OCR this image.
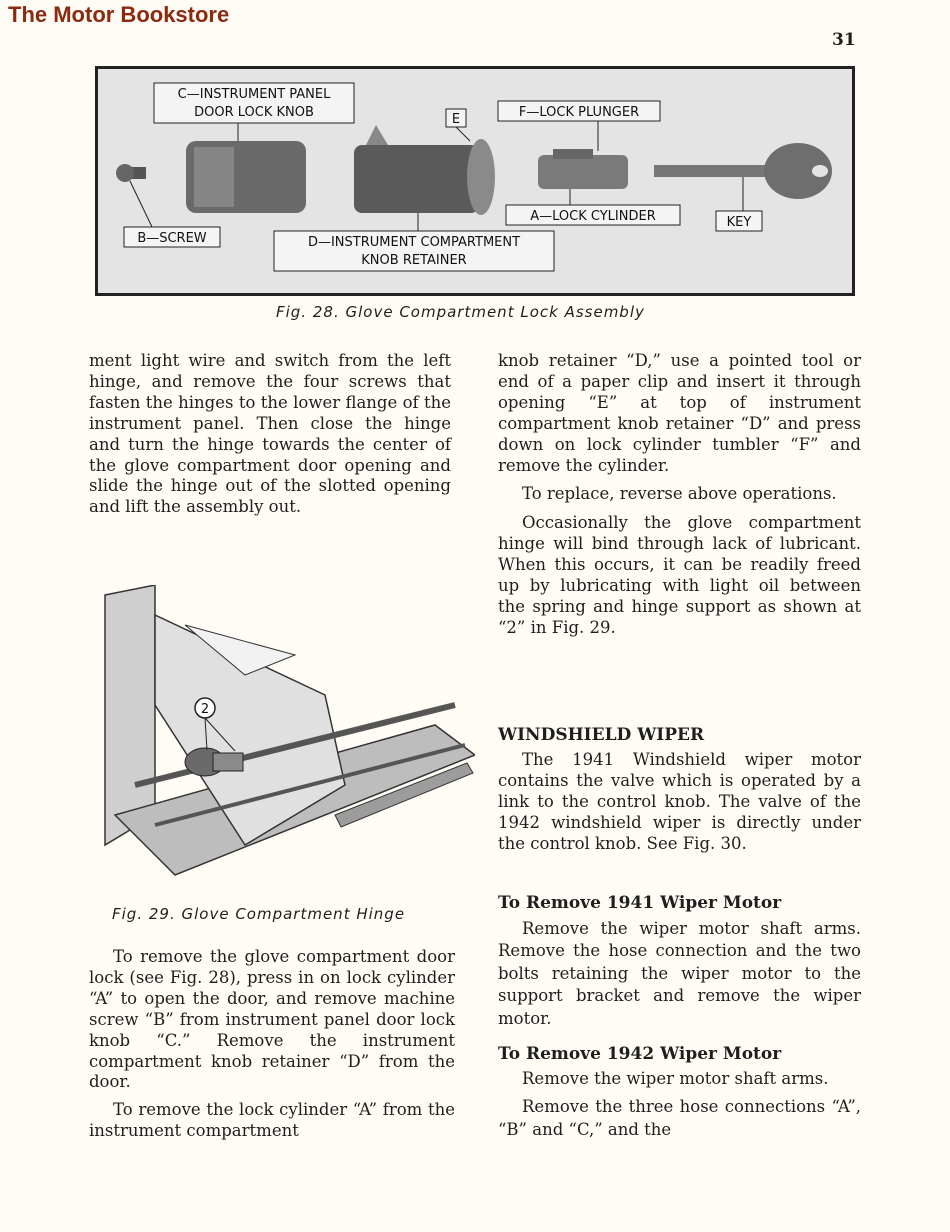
The Motor Bookstore
31
C—INSTRUMENT PANEL
DOOR LOCK KNOB	E	F—LOCK PLUNGER
B—SCREW	D—INSTRUMENT COMPARTMENT
KNOB RETAINER
A—LOCK CYLINDER	KEY
Fig. 28. Glove Compartment Lock Assembly

ment light wire and switch from the left hinge, and remove the four screws that fasten the hinges to the lower flange of the instrument panel. Then close the hinge and turn the hinge towards the center of the glove compartment door opening and slide the hinge out of the slotted opening and lift the assembly out.

2
Fig. 29. Glove Compartment Hinge

To remove the glove compartment door lock (see Fig. 28), press in on lock cylinder “A” to open the door, and remove machine screw “B” from instrument panel door lock knob “C.” Remove the instrument compartment knob retainer “D” from the door.

To remove the lock cylinder “A” from the instrument compartment

knob retainer “D,” use a pointed tool or end of a paper clip and insert it through opening “E” at top of instrument compartment knob retainer “D” and press down on lock cylinder tumbler “F” and remove the cylinder.

To replace, reverse above operations.

Occasionally the glove compartment hinge will bind through lack of lubricant. When this occurs, it can be readily freed up by lubricating with light oil between the spring and hinge support as shown at “2” in Fig. 29.

WINDSHIELD WIPER

The 1941 Windshield wiper motor contains the valve which is operated by a link to the control knob. The valve of the 1942 windshield wiper is directly under the control knob. See Fig. 30.

To Remove 1941 Wiper Motor

Remove the wiper motor shaft arms. Remove the hose connection and the two bolts retaining the wiper motor to the support bracket and remove the wiper motor.

To Remove 1942 Wiper Motor

Remove the wiper motor shaft arms.

Remove the three hose connections “A”, “B” and “C,” and the
